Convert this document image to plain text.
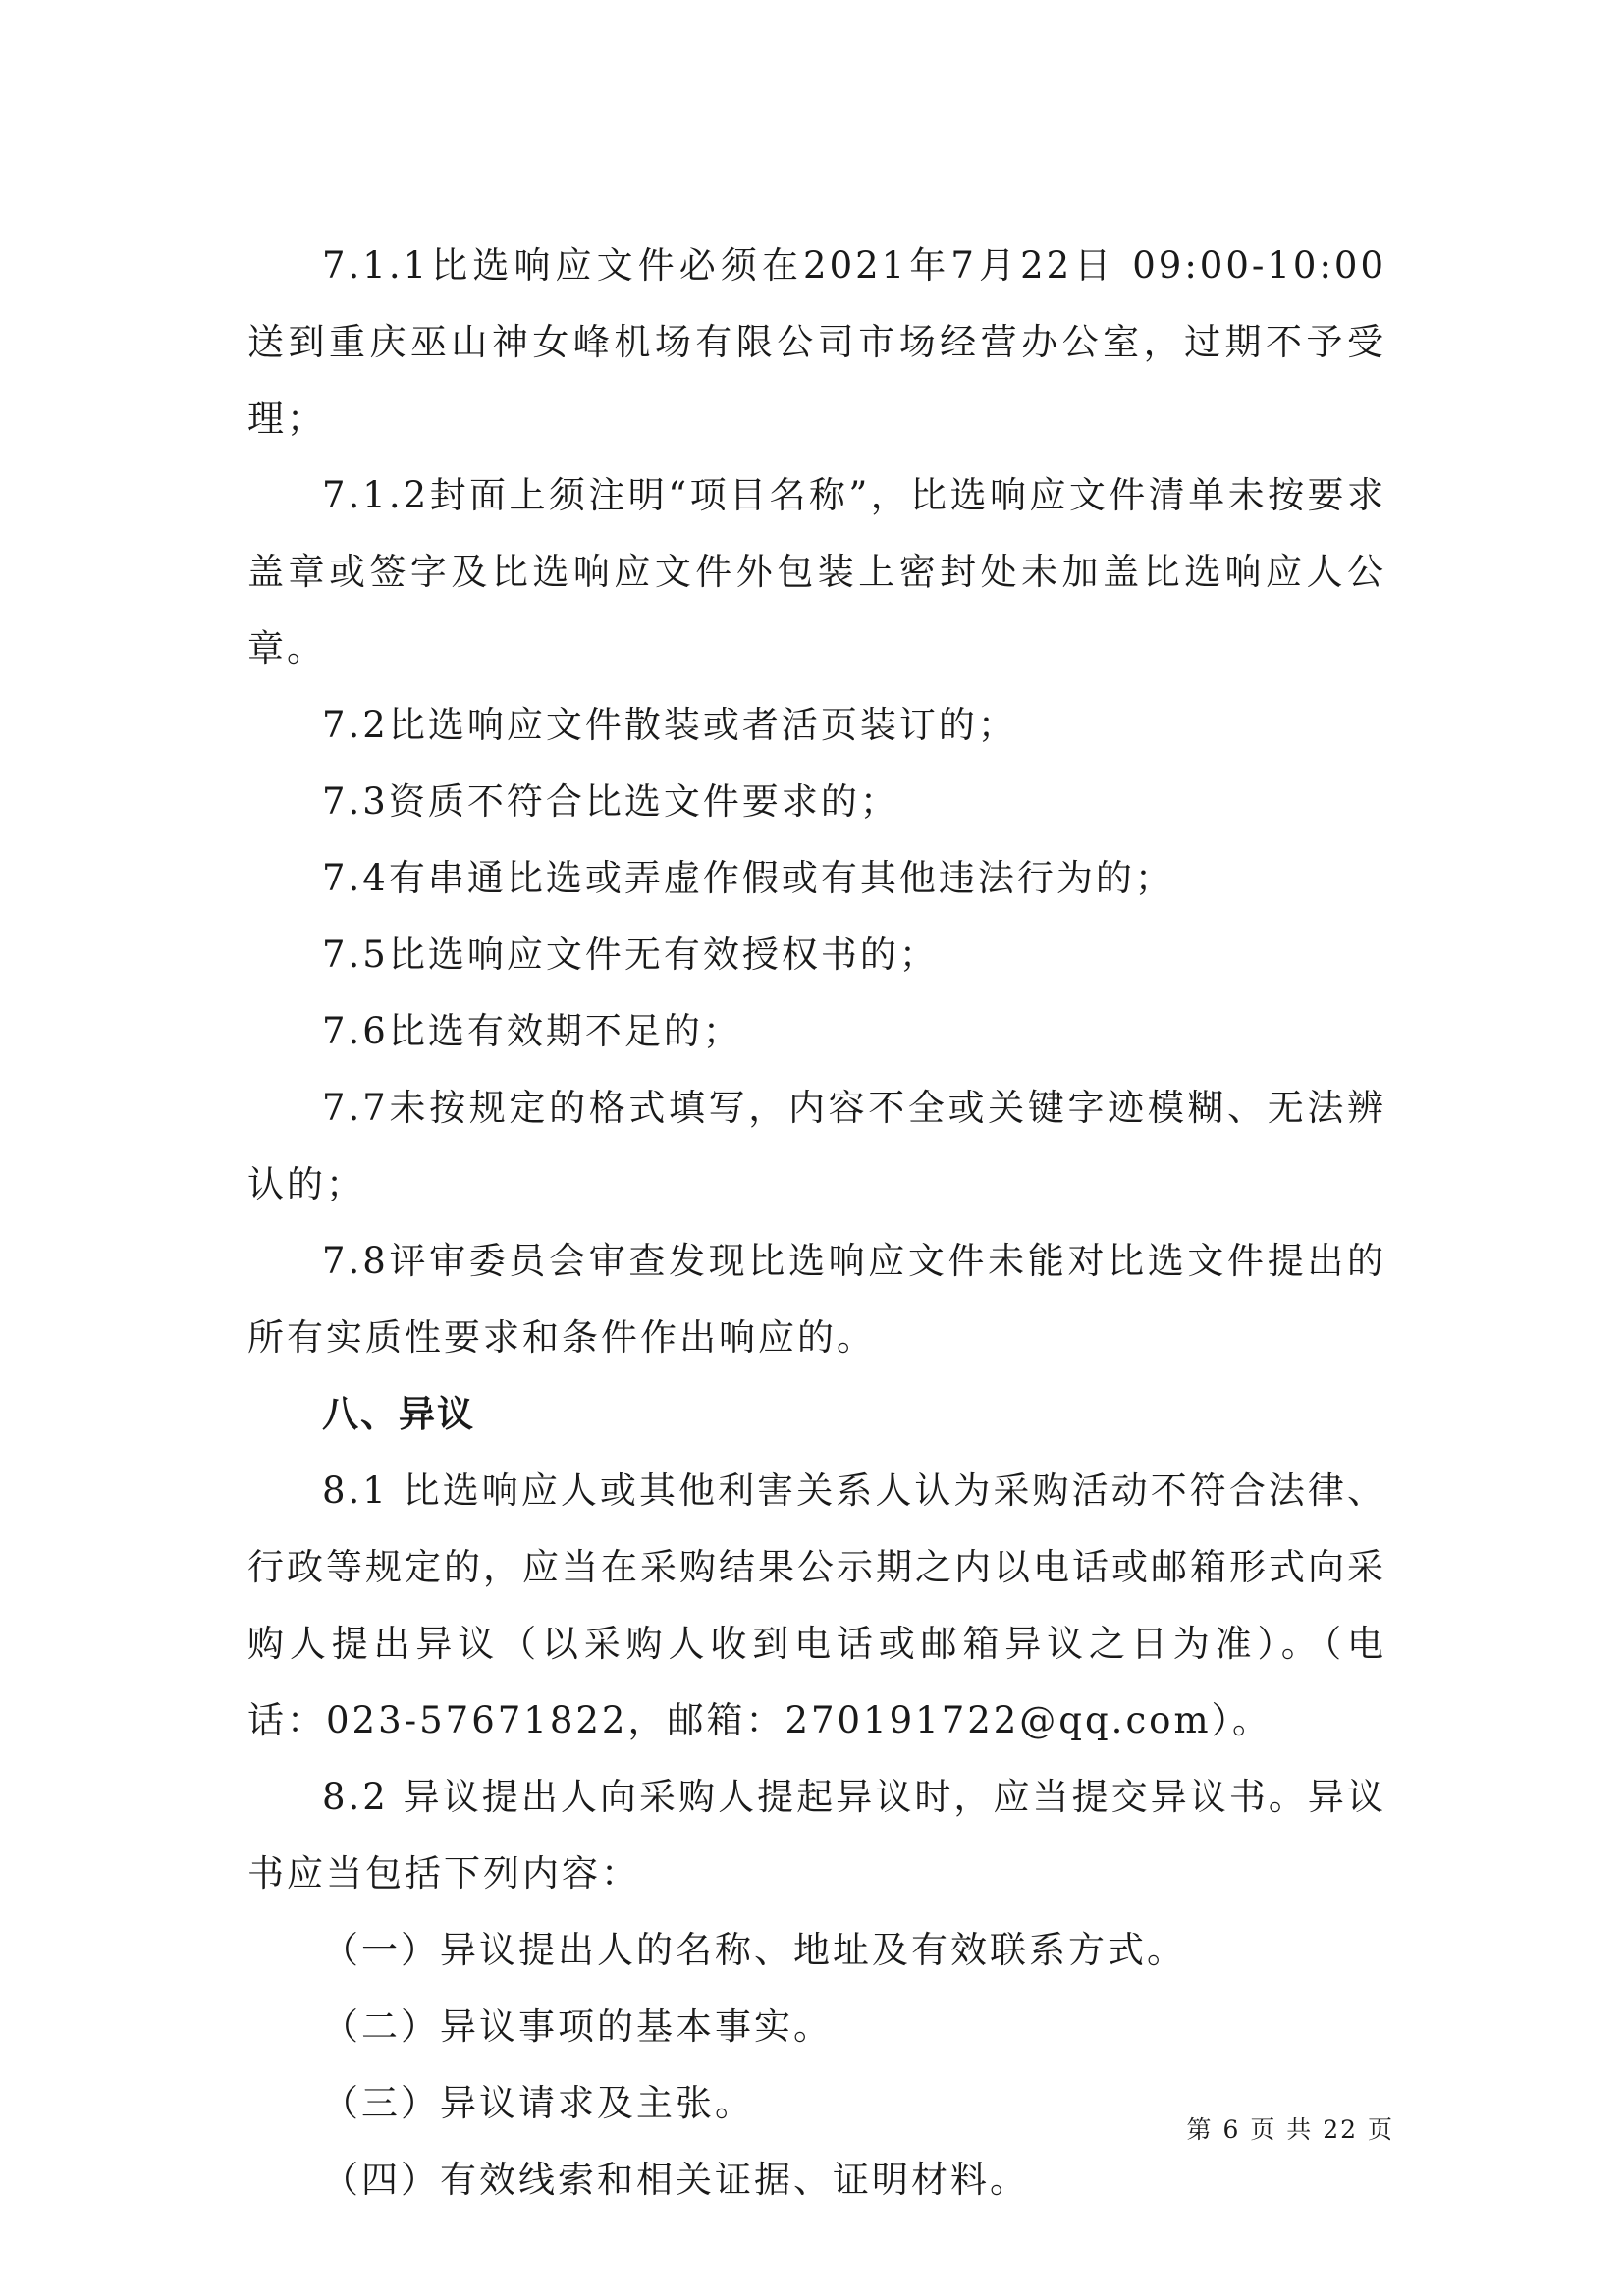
7.1.1比选响应文件必须在2021年7月22日 09:00-10:00送到重庆巫山神女峰机场有限公司市场经营办公室，过期不予受理；

7.1.2封面上须注明“项目名称”，比选响应文件清单未按要求盖章或签字及比选响应文件外包装上密封处未加盖比选响应人公章。

7.2比选响应文件散装或者活页装订的；

7.3资质不符合比选文件要求的；

7.4有串通比选或弄虚作假或有其他违法行为的；

7.5比选响应文件无有效授权书的；

7.6比选有效期不足的；

7.7未按规定的格式填写，内容不全或关键字迹模糊、无法辨认的；

7.8评审委员会审查发现比选响应文件未能对比选文件提出的所有实质性要求和条件作出响应的。

八、异议

8.1 比选响应人或其他利害关系人认为采购活动不符合法律、行政等规定的，应当在采购结果公示期之内以电话或邮箱形式向采购人提出异议（以采购人收到电话或邮箱异议之日为准）。（电话：023-57671822，邮箱：270191722@qq.com）。

8.2 异议提出人向采购人提起异议时，应当提交异议书。异议书应当包括下列内容：

（一）异议提出人的名称、地址及有效联系方式。

（二）异议事项的基本事实。

（三）异议请求及主张。

（四）有效线索和相关证据、证明材料。

第 6 页 共 22 页
